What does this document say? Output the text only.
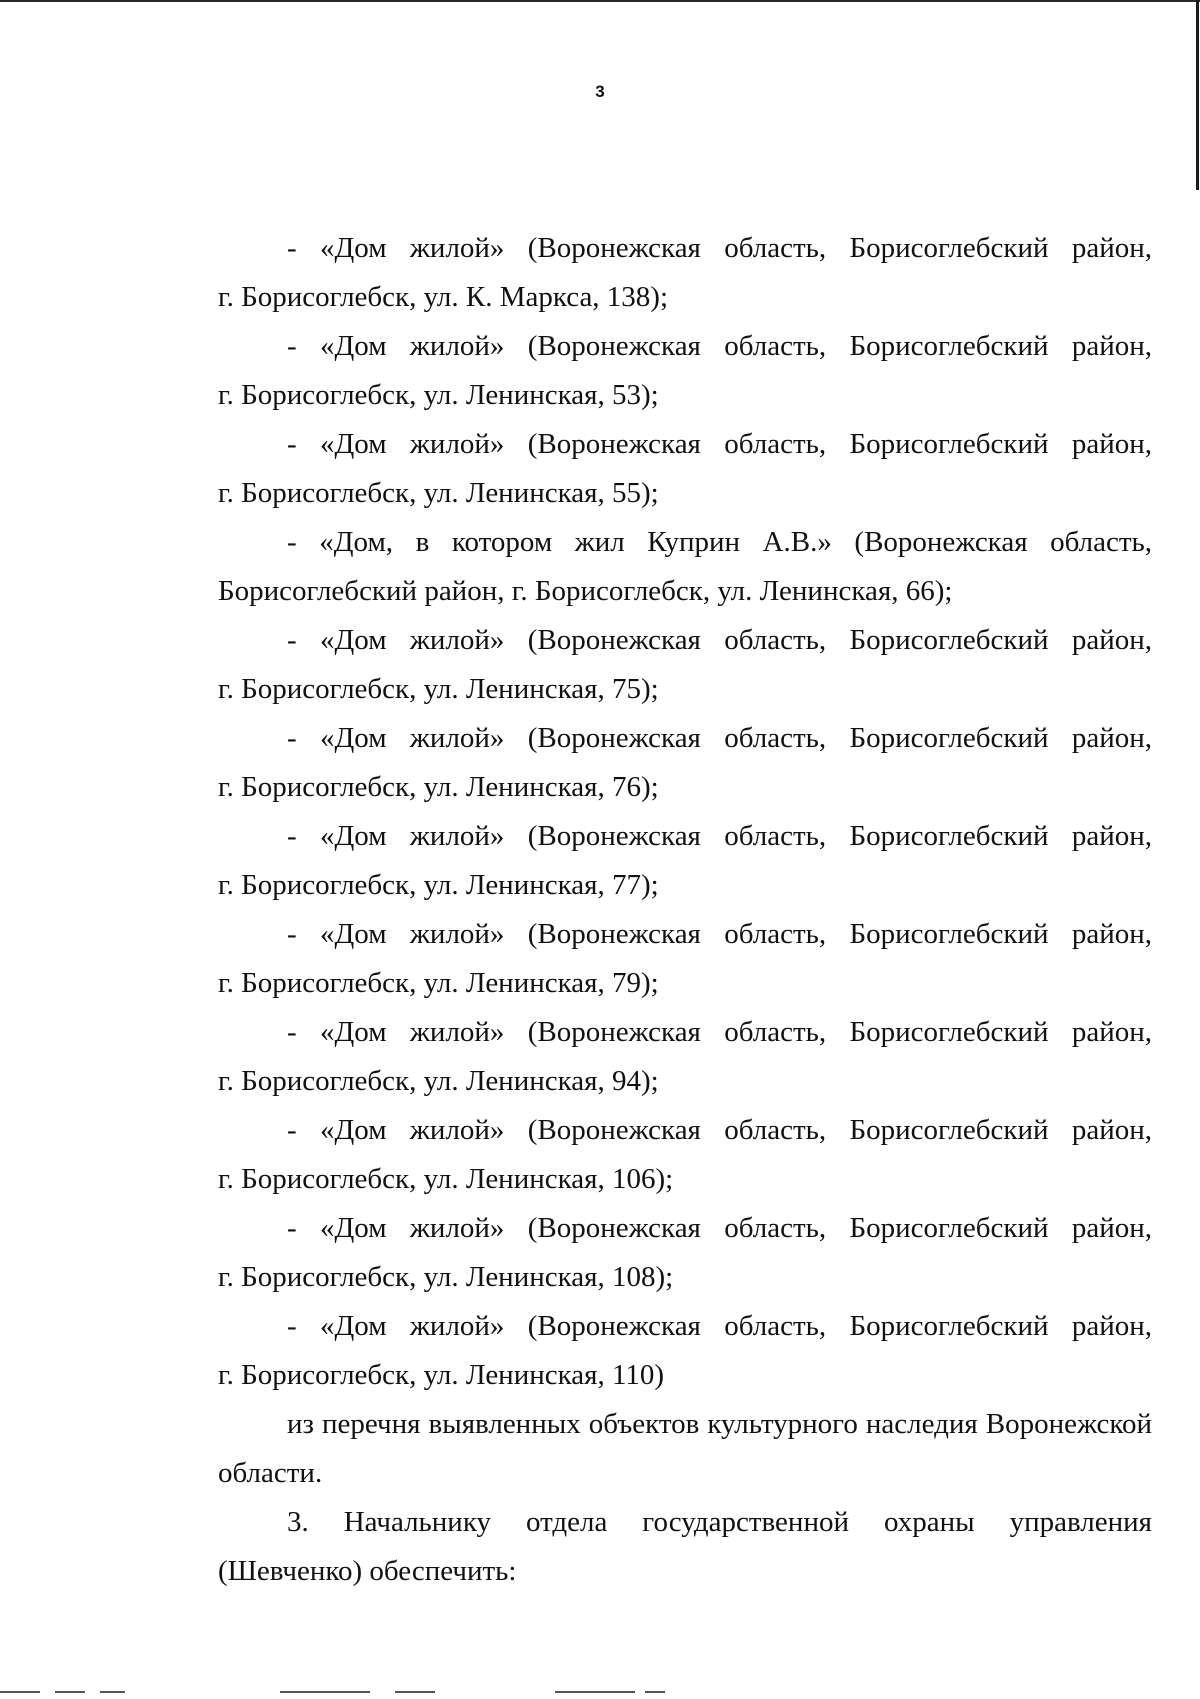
3

- «Дом жилой» (Воронежская область, Борисоглебский район,
г. Борисоглебск, ул. К. Маркса, 138);

- «Дом жилой» (Воронежская область, Борисоглебский район,
г. Борисоглебск, ул. Ленинская, 53);

- «Дом жилой» (Воронежская область, Борисоглебский район,
г. Борисоглебск, ул. Ленинская, 55);

- «Дом, в котором жил Куприн А.В.» (Воронежская область,
Борисоглебский район, г. Борисоглебск, ул. Ленинская, 66);

- «Дом жилой» (Воронежская область, Борисоглебский район,
г. Борисоглебск, ул. Ленинская, 75);

- «Дом жилой» (Воронежская область, Борисоглебский район,
г. Борисоглебск, ул. Ленинская, 76);

- «Дом жилой» (Воронежская область, Борисоглебский район,
г. Борисоглебск, ул. Ленинская, 77);

- «Дом жилой» (Воронежская область, Борисоглебский район,
г. Борисоглебск, ул. Ленинская, 79);

- «Дом жилой» (Воронежская область, Борисоглебский район,
г. Борисоглебск, ул. Ленинская, 94);

- «Дом жилой» (Воронежская область, Борисоглебский район,
г. Борисоглебск, ул. Ленинская, 106);

- «Дом жилой» (Воронежская область, Борисоглебский район,
г. Борисоглебск, ул. Ленинская, 108);

- «Дом жилой» (Воронежская область, Борисоглебский район,
г. Борисоглебск, ул. Ленинская, 110)

из перечня выявленных объектов культурного наследия Воронежской области.

3. Начальнику отдела государственной охраны управления (Шевченко) обеспечить:
